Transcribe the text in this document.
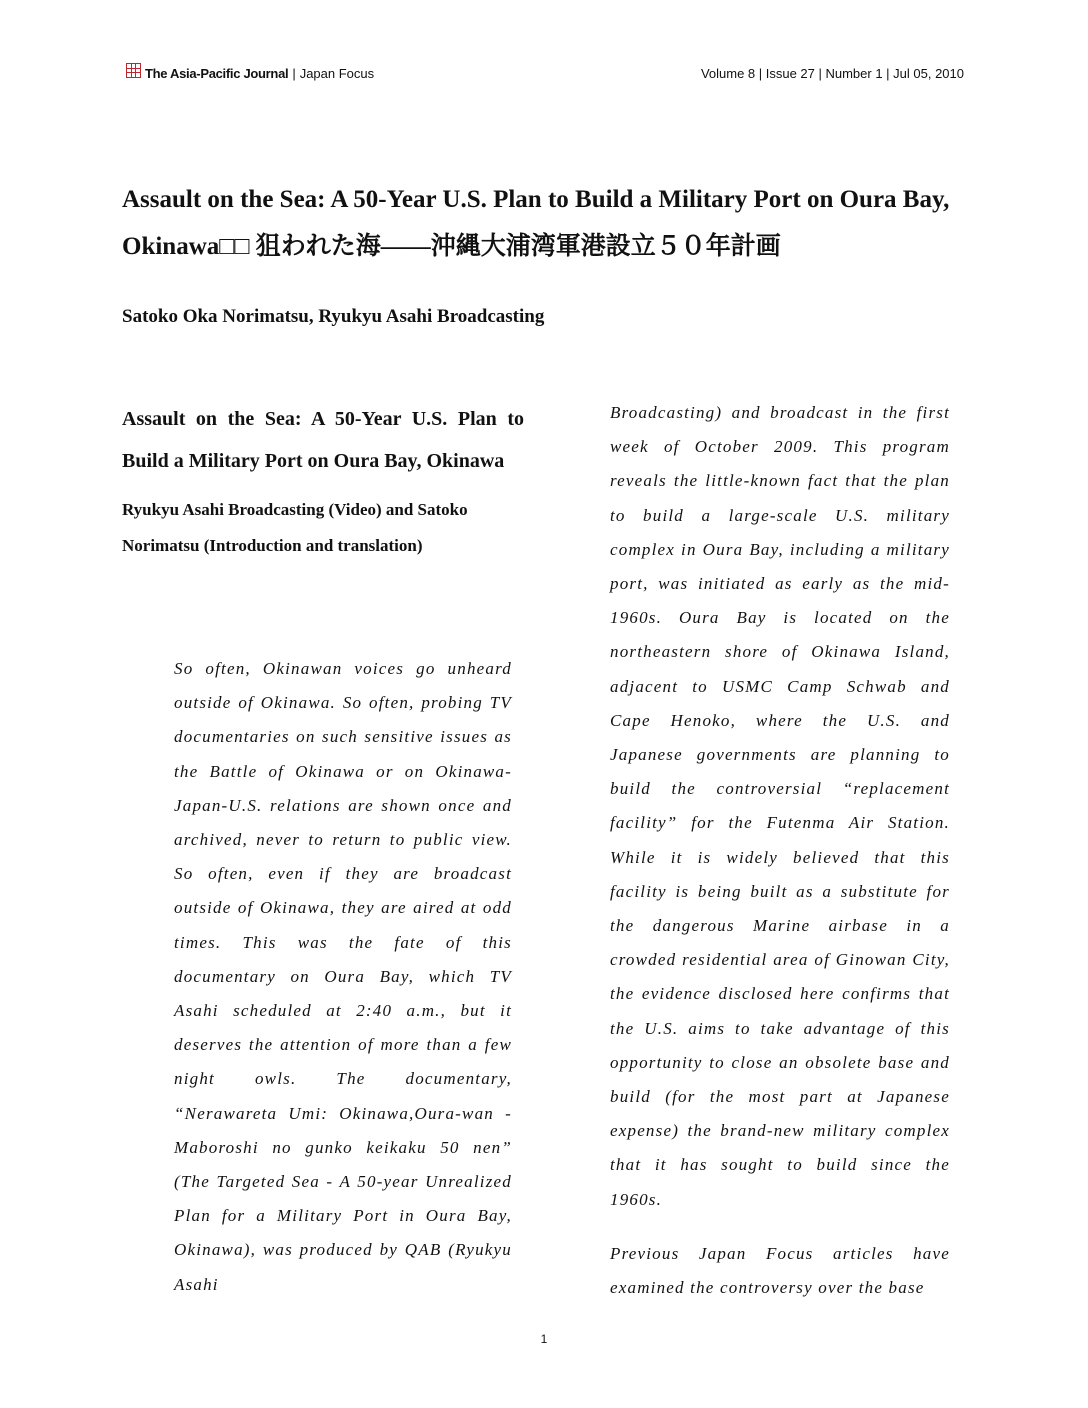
The Asia-Pacific Journal | Japan Focus	Volume 8 | Issue 27 | Number 1 | Jul 05, 2010
Assault on the Sea: A 50-Year U.S. Plan to Build a Military Port on Oura Bay, Okinawa□□ 狙われた海——沖縄大浦湾軍港設立５０年計画
Satoko Oka Norimatsu, Ryukyu Asahi Broadcasting
Assault on the Sea: A 50-Year U.S. Plan to Build a Military Port on Oura Bay, Okinawa

Ryukyu Asahi Broadcasting (Video) and Satoko Norimatsu (Introduction and translation)

So often, Okinawan voices go unheard outside of Okinawa. So often, probing TV documentaries on such sensitive issues as the Battle of Okinawa or on Okinawa-Japan-U.S. relations are shown once and archived, never to return to public view. So often, even if they are broadcast outside of Okinawa, they are aired at odd times. This was the fate of this documentary on Oura Bay, which TV Asahi scheduled at 2:40 a.m., but it deserves the attention of more than a few night owls. The documentary, “Nerawareta Umi: Okinawa,Oura-wan - Maboroshi no gunko keikaku 50 nen” (The Targeted Sea - A 50-year Unrealized Plan for a Military Port in Oura Bay, Okinawa), was produced by QAB (Ryukyu Asahi

Broadcasting) and broadcast in the first week of October 2009. This program reveals the little-known fact that the plan to build a large-scale U.S. military complex in Oura Bay, including a military port, was initiated as early as the mid-1960s. Oura Bay is located on the northeastern shore of Okinawa Island, adjacent to USMC Camp Schwab and Cape Henoko, where the U.S. and Japanese governments are planning to build the controversial “replacement facility” for the Futenma Air Station. While it is widely believed that this facility is being built as a substitute for the dangerous Marine airbase in a crowded residential area of Ginowan City, the evidence disclosed here confirms that the U.S. aims to take advantage of this opportunity to close an obsolete base and build (for the most part at Japanese expense) the brand-new military complex that it has sought to build since the 1960s.

Previous Japan Focus articles have examined the controversy over the base

1
